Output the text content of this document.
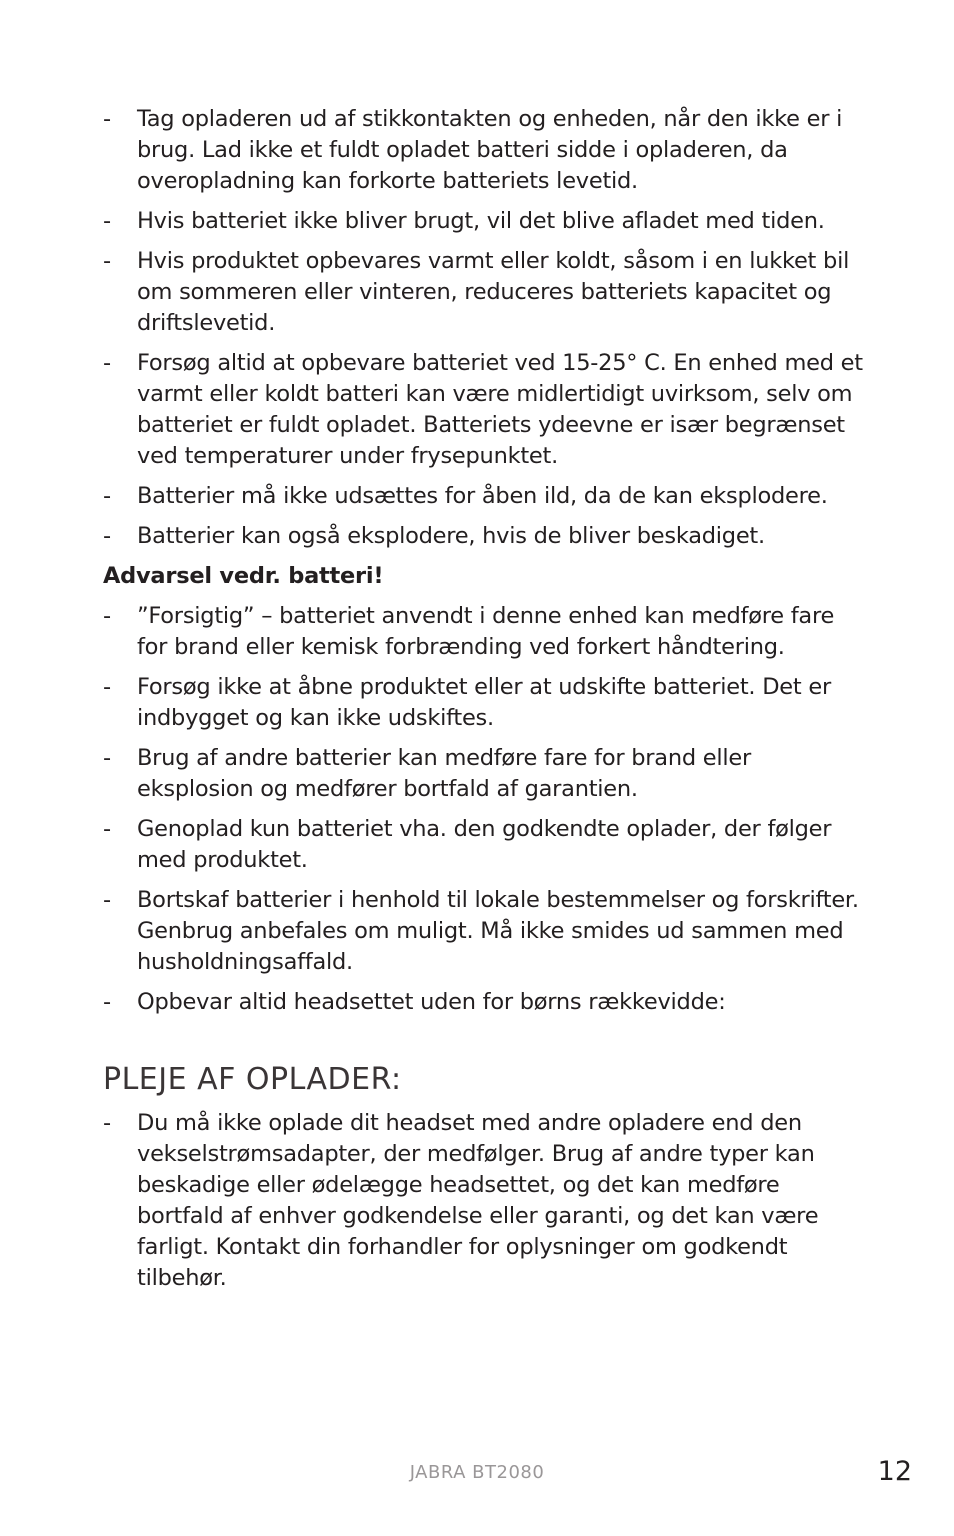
- Tag opladeren ud af stikkontakten og enheden, når den ikke er i brug. Lad ikke et fuldt opladet batteri sidde i opladeren, da overopladning kan forkorte batteriets levetid.
- Hvis batteriet ikke bliver brugt, vil det blive afladet med tiden.
- Hvis produktet opbevares varmt eller koldt, såsom i en lukket bil om sommeren eller vinteren, reduceres batteriets kapacitet og driftslevetid.
- Forsøg altid at opbevare batteriet ved 15-25° C. En enhed med et varmt eller koldt batteri kan være midlertidigt uvirksom, selv om batteriet er fuldt opladet. Batteriets ydeevne er især begrænset ved temperaturer under frysepunktet.
- Batterier må ikke udsættes for åben ild, da de kan eksplodere.
- Batterier kan også eksplodere, hvis de bliver beskadiget.
Advarsel vedr. batteri!
- ”Forsigtig” – batteriet anvendt i denne enhed kan medføre fare for brand eller kemisk forbrænding ved forkert håndtering.
- Forsøg ikke at åbne produktet eller at udskifte batteriet. Det er indbygget og kan ikke udskiftes.
- Brug af andre batterier kan medføre fare for brand eller eksplosion og medfører bortfald af garantien.
- Genoplad kun batteriet vha. den godkendte oplader, der følger med produktet.
- Bortskaf batterier i henhold til lokale bestemmelser og forskrifter. Genbrug anbefales om muligt. Må ikke smides ud sammen med husholdningsaffald.
- Opbevar altid headsettet uden for børns rækkevidde:
PLEJE AF OPLADER:
- Du må ikke oplade dit headset med andre opladere end den vekselstrømsadapter, der medfølger. Brug af andre typer kan beskadige eller ødelægge headsettet, og det kan medføre bortfald af enhver godkendelse eller garanti, og det kan være farligt. Kontakt din forhandler for oplysninger om godkendt tilbehør.
JABRA BT2080	12
